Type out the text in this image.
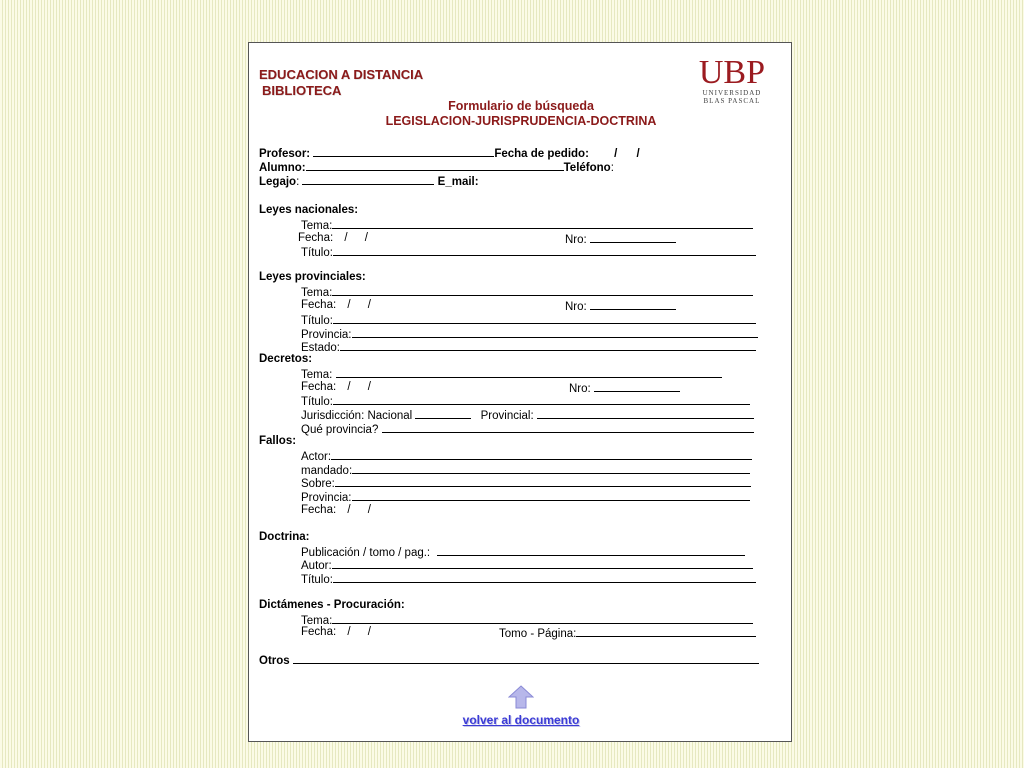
EDUCACION A DISTANCIA
BIBLIOTECA	UBP
UNIVERSIDAD
BLAS PASCAL
Formulario de búsqueda
LEGISLACION-JURISPRUDENCIA-DOCTRINA
Profesor:	Fecha de pedido: / /
Alumno:	Teléfono:
Legajo:	E_mail:
Leyes nacionales:
Tema:
Fecha: / /	Nro:
Título:
Leyes provinciales:
Tema:
Fecha: / /	Nro:
Título:
Provincia:
Estado:
Decretos:
Tema:
Fecha: / /	Nro:
Título:
Jurisdicción: Nacional	Provincial:
Qué provincia?
Fallos:
Actor:
mandado:
Sobre:
Provincia:
Fecha: / /
Doctrina:
Publicación / tomo / pag.:
Autor:
Título:
Dictámenes - Procuración:
Tema:
Fecha: / /	Tomo - Página:
Otros
volver al documento
